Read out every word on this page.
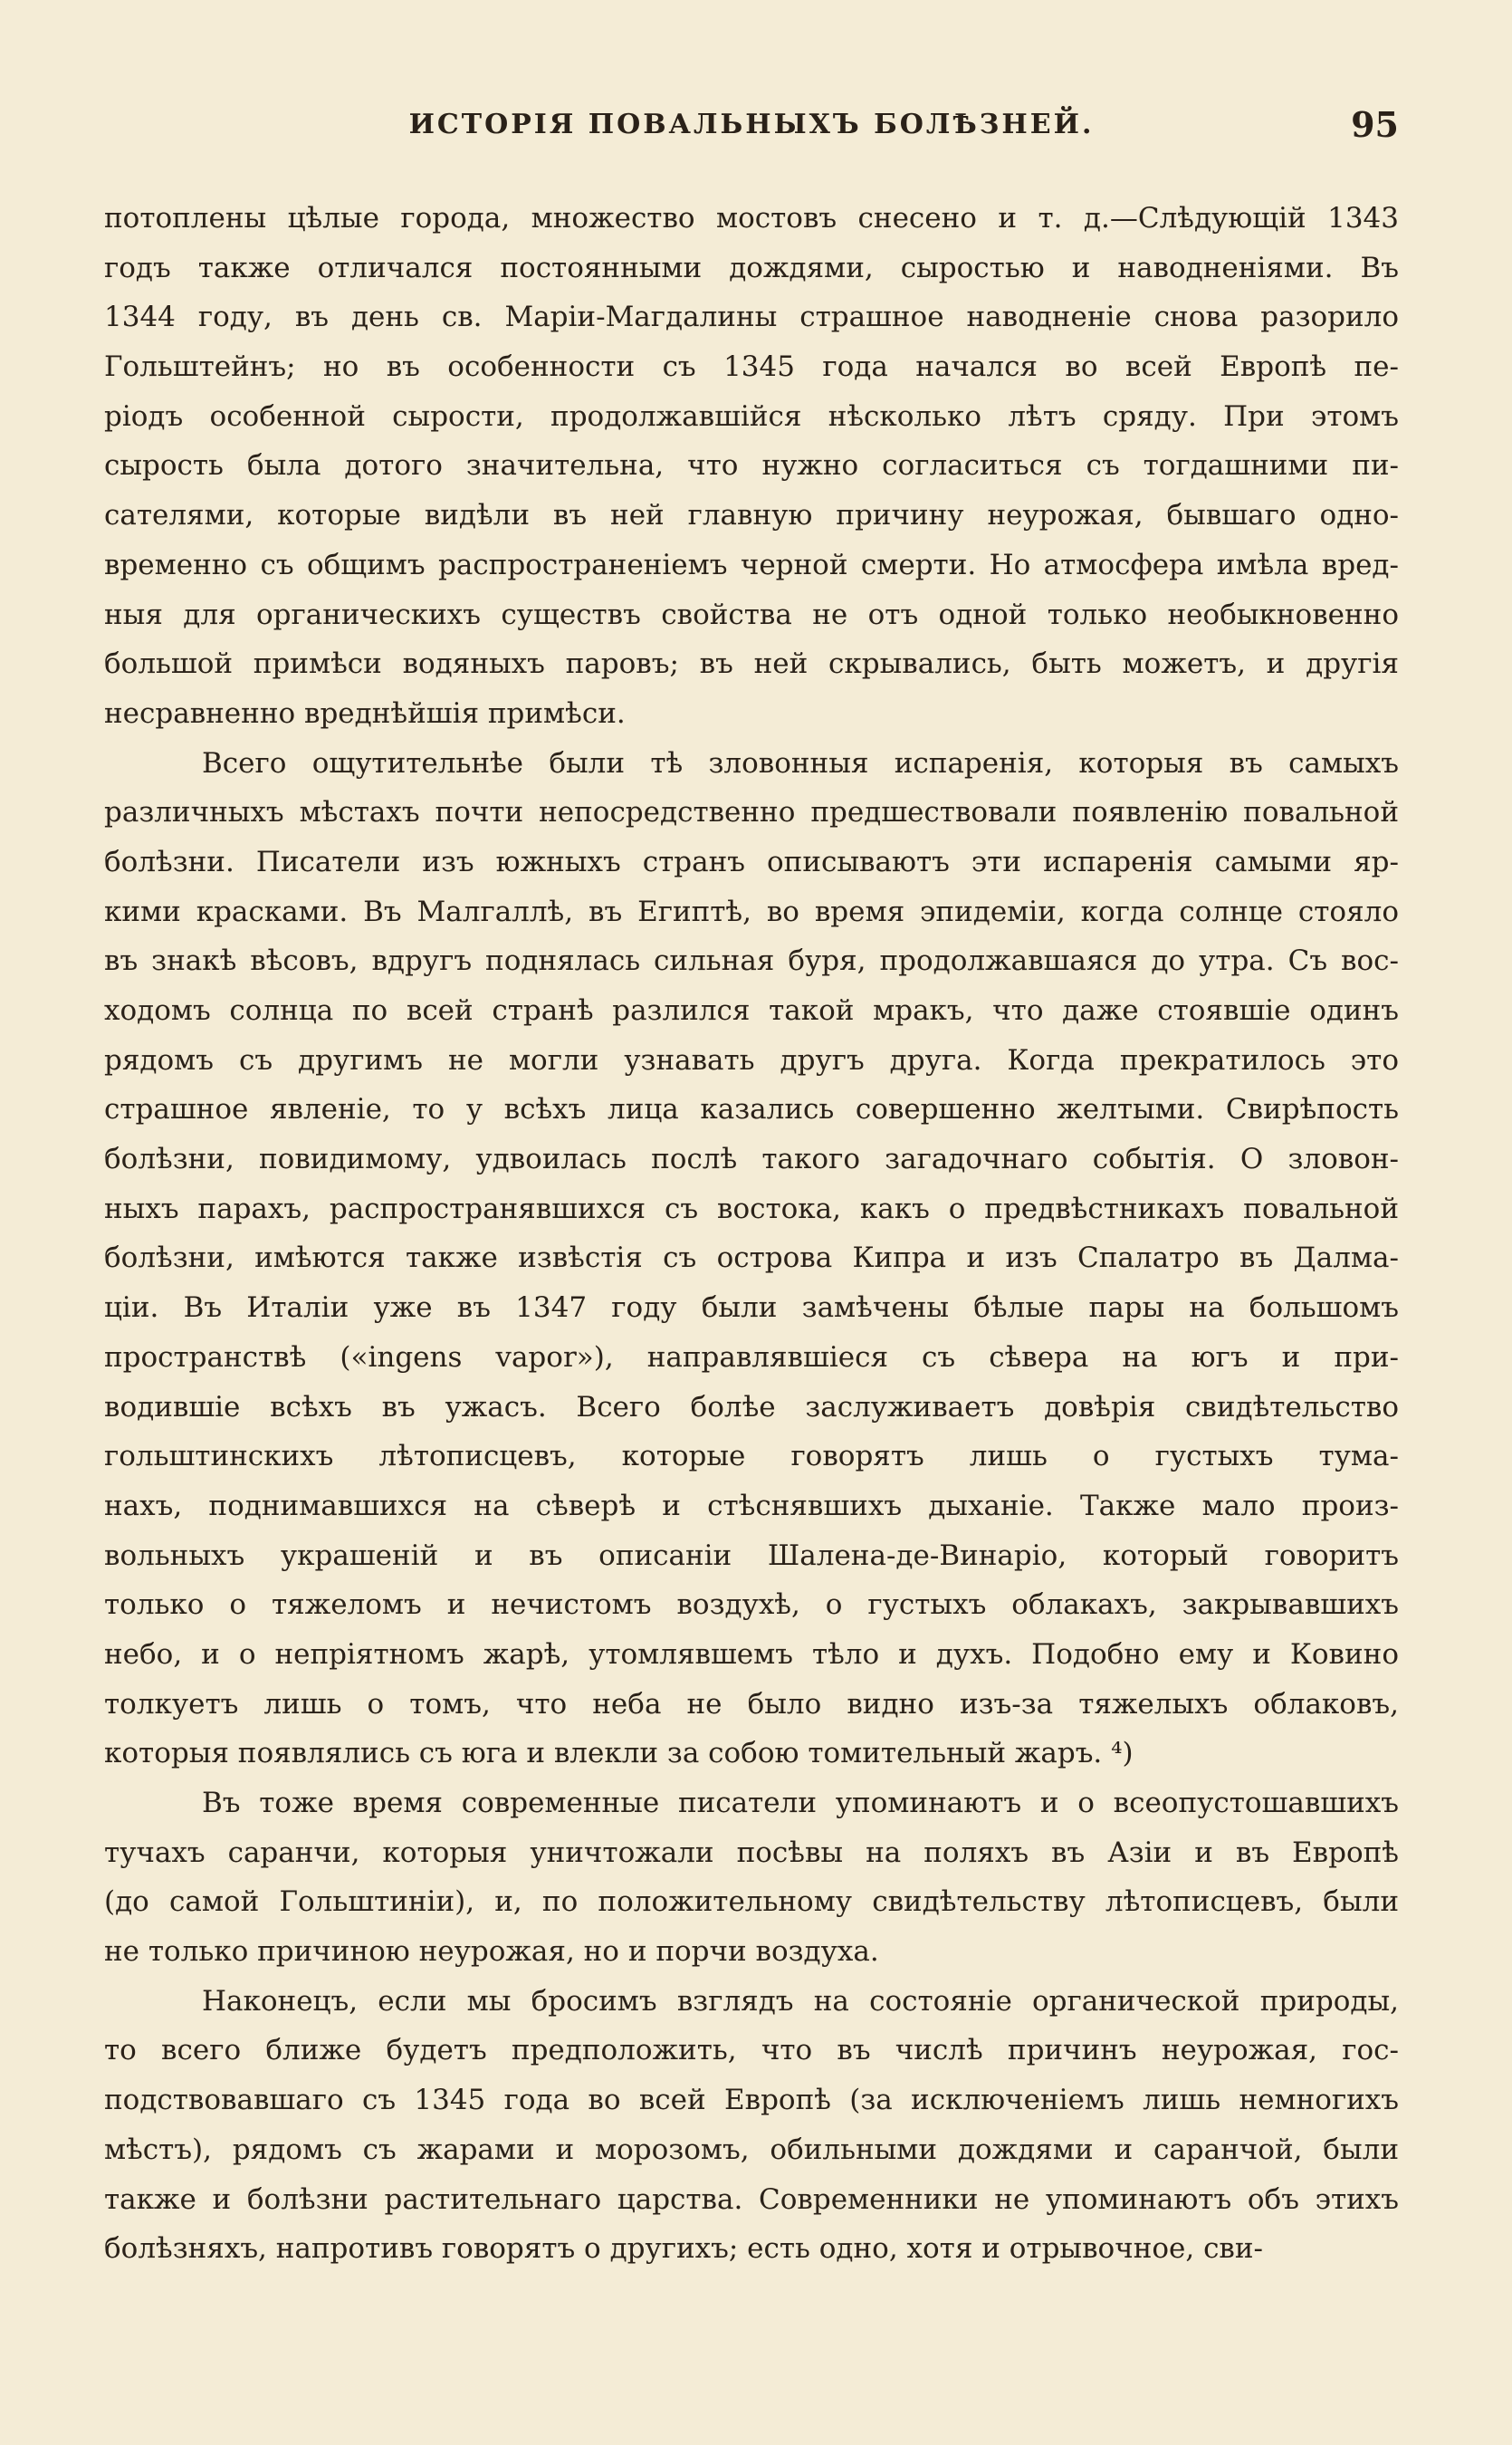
ИСТОРІЯ ПОВАЛЬНЫХЪ БОЛѢЗНЕЙ.	95
потоплены цѣлые города, множество мостовъ снесено и т. д.—Слѣдующій 1343
годъ также отличался постоянными дождями, сыростью и наводненіями. Въ
1344 году, въ день св. Маріи-Магдалины страшное наводненіе снова разорило
Гольштейнъ; но въ особенности съ 1345 года начался во всей Европѣ пе-
ріодъ особенной сырости, продолжавшійся нѣсколько лѣтъ сряду. При этомъ
сырость была дотого значительна, что нужно согласиться съ тогдашними пи-
сателями, которые видѣли въ ней главную причину неурожая, бывшаго одно-
временно съ общимъ распространеніемъ черной смерти. Но атмосфера имѣла вред-
ныя для органическихъ существъ свойства не отъ одной только необыкновенно
большой примѣси водяныхъ паровъ; въ ней скрывались, быть можетъ, и другія
несравненно вреднѣйшія примѣси.
Всего ощутительнѣе были тѣ зловонныя испаренія, которыя въ самыхъ
различныхъ мѣстахъ почти непосредственно предшествовали появленію повальной
болѣзни. Писатели изъ южныхъ странъ описываютъ эти испаренія самыми яр-
кими красками. Въ Малгаллѣ, въ Египтѣ, во время эпидеміи, когда солнце стояло
въ знакѣ вѣсовъ, вдругъ поднялась сильная буря, продолжавшаяся до утра. Съ вос-
ходомъ солнца по всей странѣ разлился такой мракъ, что даже стоявшіе одинъ
рядомъ съ другимъ не могли узнавать другъ друга. Когда прекратилось это
страшное явленіе, то у всѣхъ лица казались совершенно желтыми. Свирѣпость
болѣзни, повидимому, удвоилась послѣ такого загадочнаго событія. О зловон-
ныхъ парахъ, распространявшихся съ востока, какъ о предвѣстникахъ повальной
болѣзни, имѣются также извѣстія съ острова Кипра и изъ Спалатро въ Далма-
ціи. Въ Италіи уже въ 1347 году были замѣчены бѣлые пары на большомъ
пространствѣ («ingens vapor»), направлявшіеся съ сѣвера на югъ и при-
водившіе всѣхъ въ ужасъ. Всего болѣе заслуживаетъ довѣрія свидѣтельство
гольштинскихъ лѣтописцевъ, которые говорятъ лишь о густыхъ тума-
нахъ, поднимавшихся на сѣверѣ и стѣснявшихъ дыханіе. Также мало произ-
вольныхъ украшеній и въ описаніи Шалена-де-Винаріо, который говоритъ
только о тяжеломъ и нечистомъ воздухѣ, о густыхъ облакахъ, закрывавшихъ
небо, и о непріятномъ жарѣ, утомлявшемъ тѣло и духъ. Подобно ему и Ковино
толкуетъ лишь о томъ, что неба не было видно изъ-за тяжелыхъ облаковъ,
которыя появлялись съ юга и влекли за собою томительный жаръ. ⁴)
Въ тоже время современные писатели упоминаютъ и о всеопустошавшихъ
тучахъ саранчи, которыя уничтожали посѣвы на поляхъ въ Азіи и въ Европѣ
(до самой Гольштиніи), и, по положительному свидѣтельству лѣтописцевъ, были
не только причиною неурожая, но и порчи воздуха.
Наконецъ, если мы бросимъ взглядъ на состояніе органической природы,
то всего ближе будетъ предположить, что въ числѣ причинъ неурожая, гос-
подствовавшаго съ 1345 года во всей Европѣ (за исключеніемъ лишь немногихъ
мѣстъ), рядомъ съ жарами и морозомъ, обильными дождями и саранчой, были
также и болѣзни растительнаго царства. Современники не упоминаютъ объ этихъ
болѣзняхъ, напротивъ говорятъ о другихъ; есть одно, хотя и отрывочное, сви-
